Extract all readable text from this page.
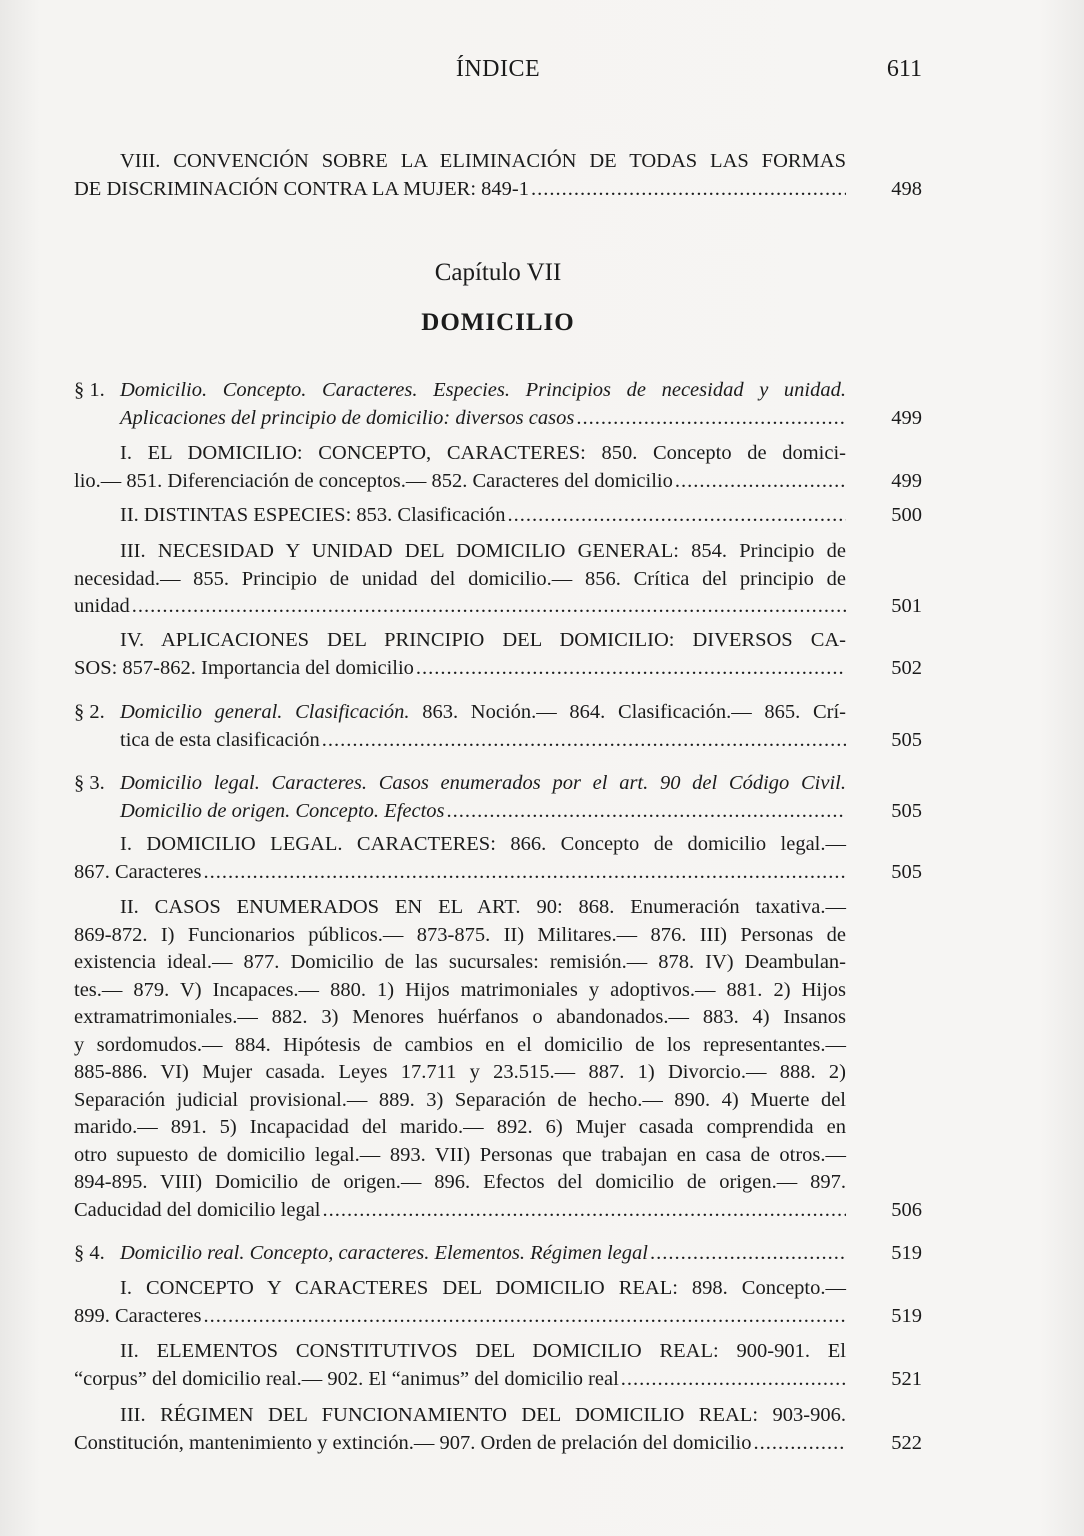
ÍNDICE	611
VIII. CONVENCIÓN SOBRE LA ELIMINACIÓN DE TODAS LAS FORMAS
DE DISCRIMINACIÓN CONTRA LA MUJER: 849-1 .....	498
Capítulo VII
DOMICILIO
§ 1. Domicilio. Concepto. Caracteres. Especies. Principios de necesidad y unidad.
Aplicaciones del principio de domicilio: diversos casos .....	499
I. EL DOMICILIO: CONCEPTO, CARACTERES: 850. Concepto de domici-
lio.— 851. Diferenciación de conceptos.— 852. Caracteres del domicilio .....	499
II. DISTINTAS ESPECIES: 853. Clasificación .....	500
III. NECESIDAD Y UNIDAD DEL DOMICILIO GENERAL: 854. Principio de
necesidad.— 855. Principio de unidad del domicilio.— 856. Crítica del principio de
unidad .....	501
IV. APLICACIONES DEL PRINCIPIO DEL DOMICILIO: DIVERSOS CA-
SOS: 857-862. Importancia del domicilio .....	502
§ 2. Domicilio general. Clasificación. 863. Noción.— 864. Clasificación.— 865. Crí-
tica de esta clasificación .....	505
§ 3. Domicilio legal. Caracteres. Casos enumerados por el art. 90 del Código Civil.
Domicilio de origen. Concepto. Efectos .....	505
I. DOMICILIO LEGAL. CARACTERES: 866. Concepto de domicilio legal.—
867. Caracteres .....	505
II. CASOS ENUMERADOS EN EL ART. 90: 868. Enumeración taxativa.—
869-872. I) Funcionarios públicos.— 873-875. II) Militares.— 876. III) Personas de
existencia ideal.— 877. Domicilio de las sucursales: remisión.— 878. IV) Deambulan-
tes.— 879. V) Incapaces.— 880. 1) Hijos matrimoniales y adoptivos.— 881. 2) Hijos
extramatrimoniales.— 882. 3) Menores huérfanos o abandonados.— 883. 4) Insanos
y sordomudos.— 884. Hipótesis de cambios en el domicilio de los representantes.—
885-886. VI) Mujer casada. Leyes 17.711 y 23.515.— 887. 1) Divorcio.— 888. 2)
Separación judicial provisional.— 889. 3) Separación de hecho.— 890. 4) Muerte del
marido.— 891. 5) Incapacidad del marido.— 892. 6) Mujer casada comprendida en
otro supuesto de domicilio legal.— 893. VII) Personas que trabajan en casa de otros.—
894-895. VIII) Domicilio de origen.— 896. Efectos del domicilio de origen.— 897.
Caducidad del domicilio legal .....	506
§ 4. Domicilio real. Concepto, caracteres. Elementos. Régimen legal .....	519
I. CONCEPTO Y CARACTERES DEL DOMICILIO REAL: 898. Concepto.—
899. Caracteres .....	519
II. ELEMENTOS CONSTITUTIVOS DEL DOMICILIO REAL: 900-901. El
“corpus” del domicilio real.— 902. El “animus” del domicilio real .....	521
III. RÉGIMEN DEL FUNCIONAMIENTO DEL DOMICILIO REAL: 903-906.
Constitución, mantenimiento y extinción.— 907. Orden de prelación del domicilio .....	522
